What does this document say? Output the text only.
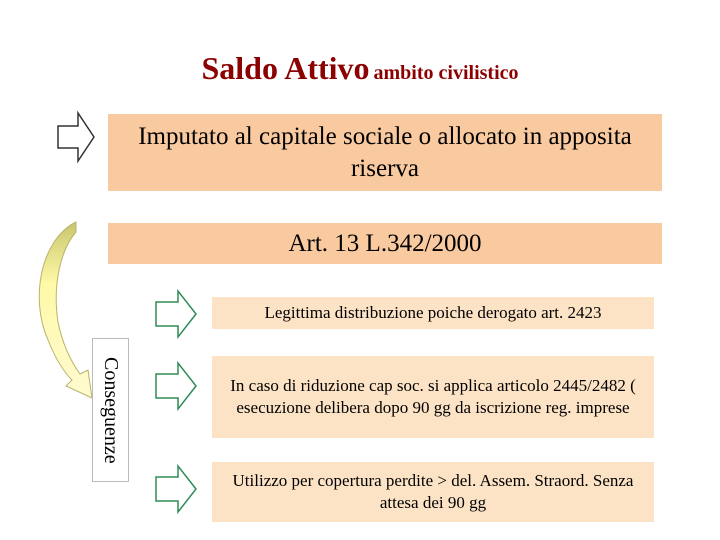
Saldo Attivo ambito civilistico
Imputato al capitale sociale o allocato in apposita riserva
Art. 13 L.342/2000
Conseguenze
Legittima distribuzione poiche derogato art. 2423
In caso di riduzione cap soc. si applica articolo 2445/2482 ( esecuzione delibera dopo 90 gg da iscrizione reg. imprese
Utilizzo per copertura perdite > del. Assem. Straord. Senza attesa dei 90 gg
